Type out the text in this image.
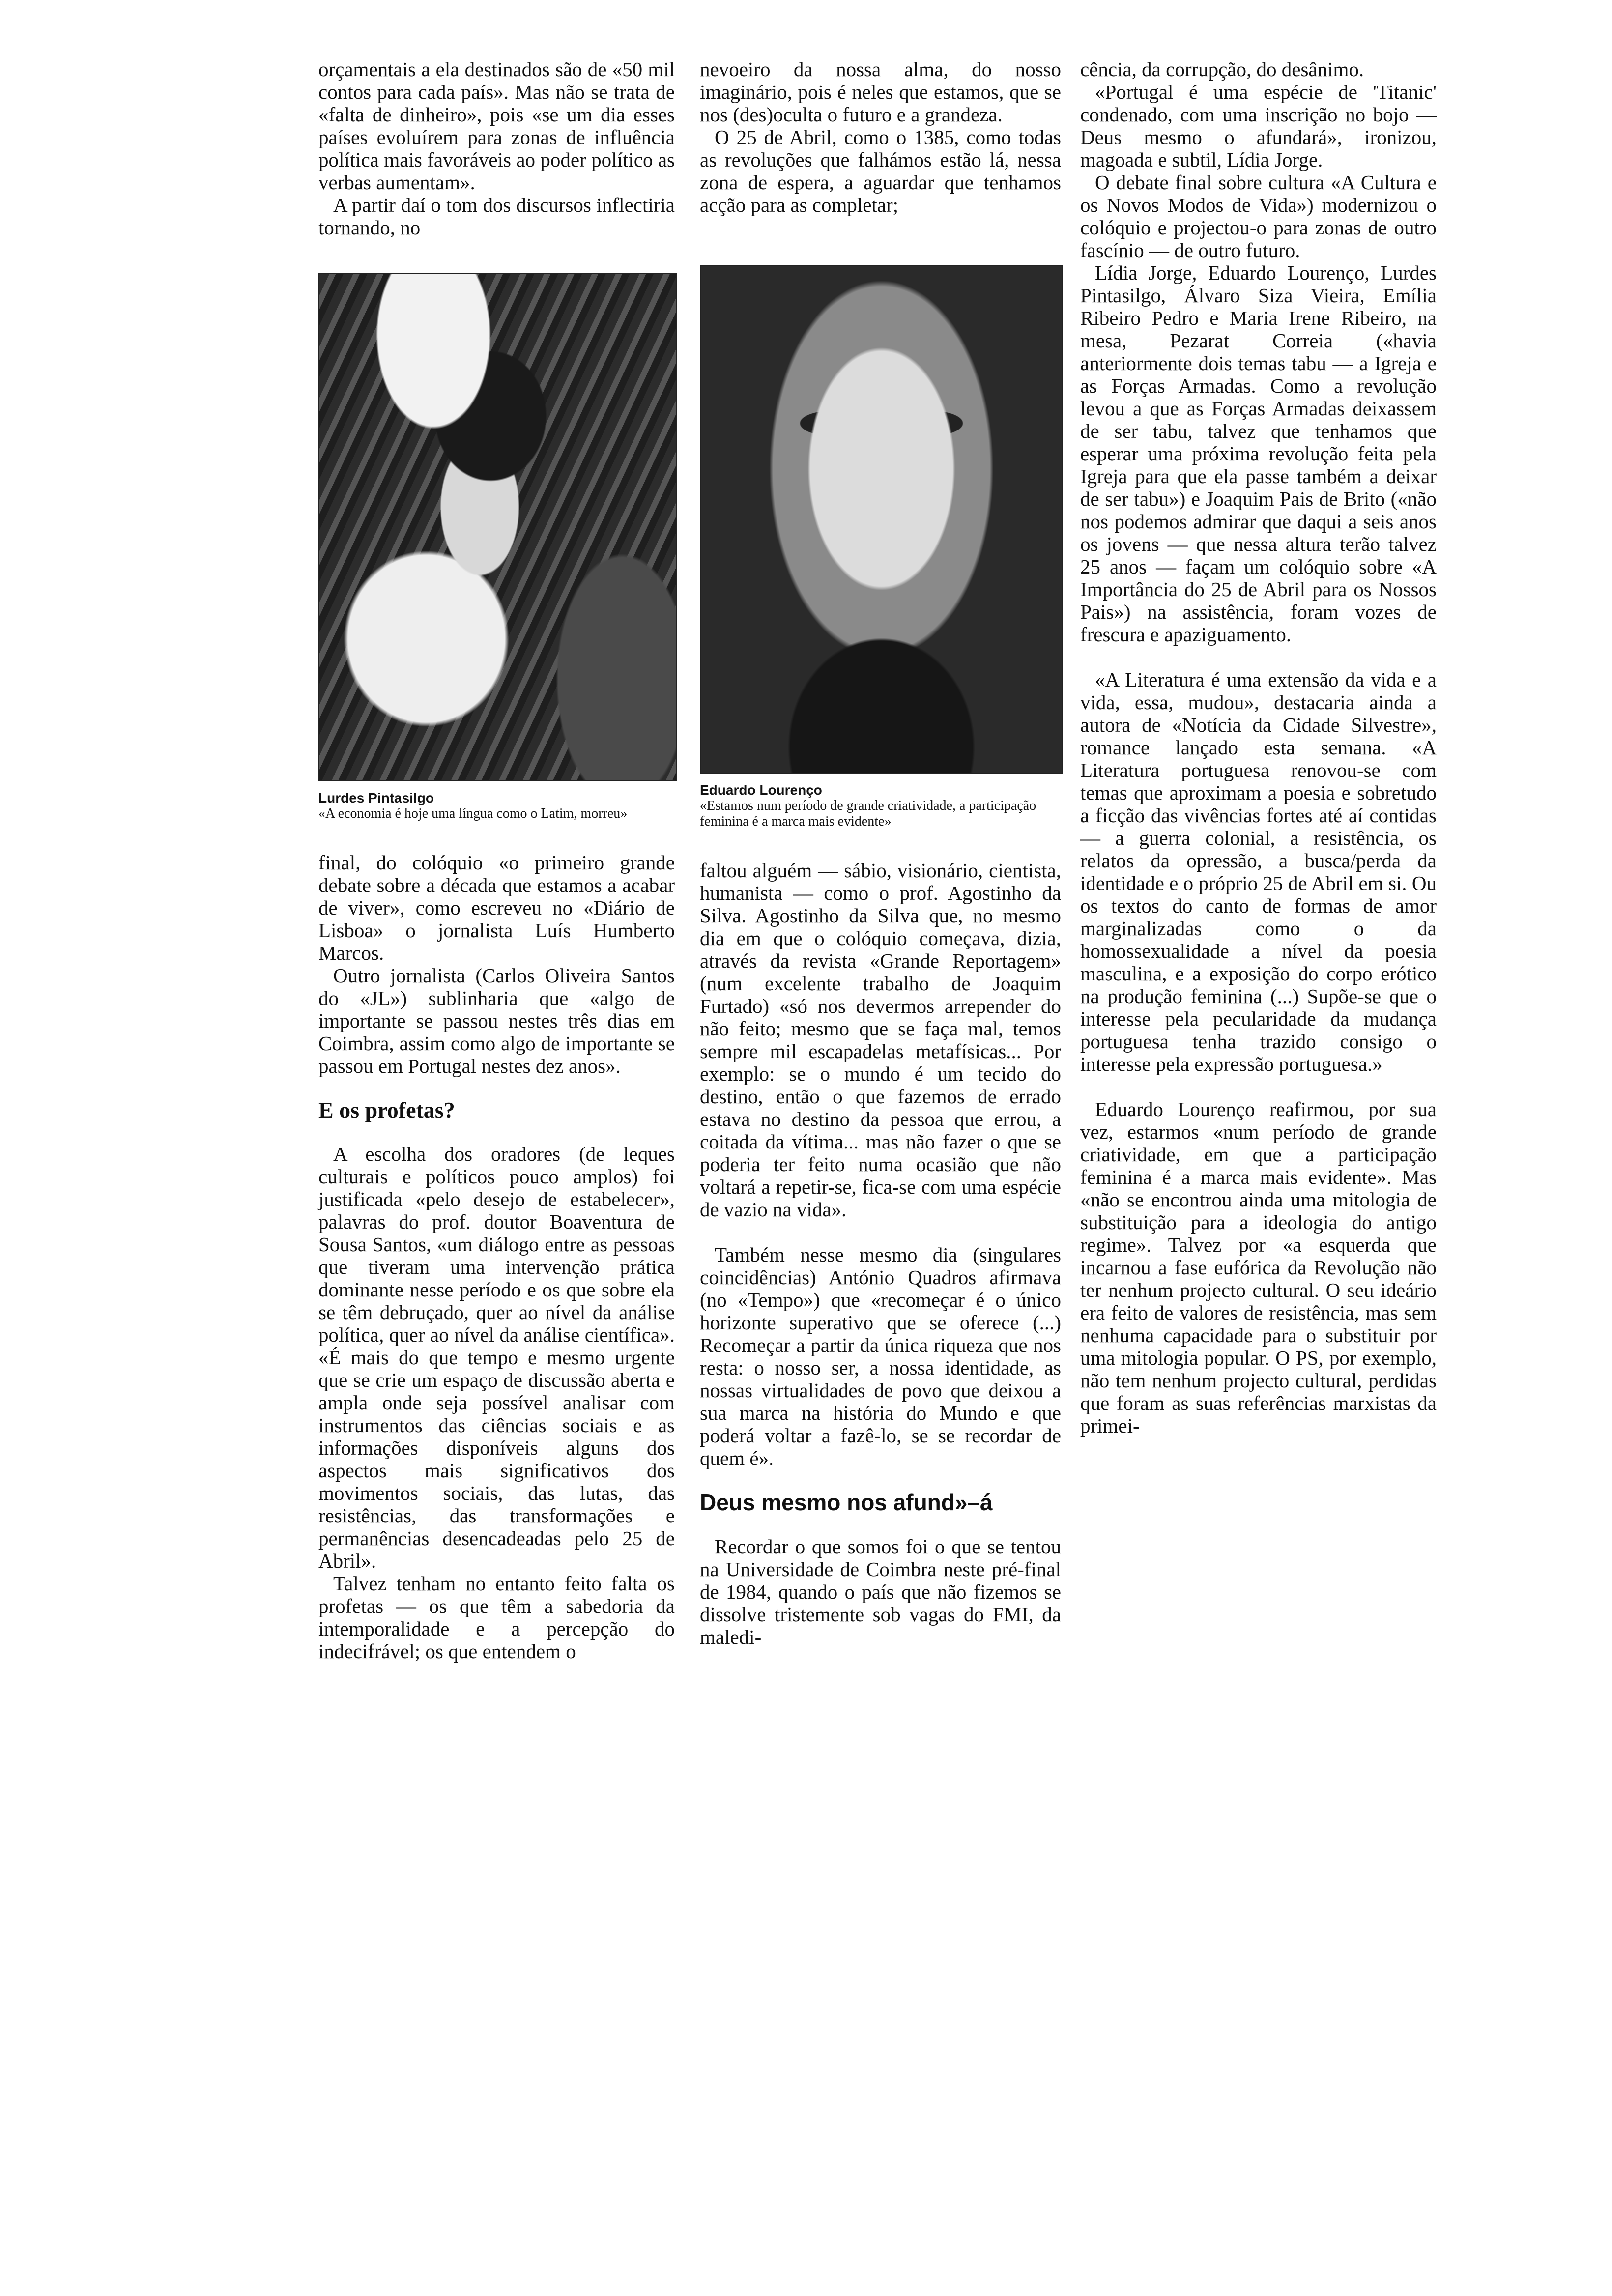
orçamentais a ela destinados são de «50 mil contos para cada país». Mas não se trata de «falta de dinheiro», pois «se um dia esses países evoluírem para zonas de influência política mais favoráveis ao poder político as verbas aumentam».

A partir daí o tom dos discursos inflectiria tornando, no

Lurdes Pintasilgo
«A economia é hoje uma língua como o Latim, morreu»

final, do colóquio «o primeiro grande debate sobre a década que estamos a acabar de viver», como escreveu no «Diário de Lisboa» o jornalista Luís Humberto Marcos.

Outro jornalista (Carlos Oliveira Santos do «JL») sublinharia que «algo de importante se passou nestes três dias em Coimbra, assim como algo de importante se passou em Portugal nestes dez anos».

E os profetas?

A escolha dos oradores (de leques culturais e políticos pouco amplos) foi justificada «pelo desejo de estabelecer», palavras do prof. doutor Boaventura de Sousa Santos, «um diálogo entre as pessoas que tiveram uma intervenção prática dominante nesse período e os que sobre ela se têm debruçado, quer ao nível da análise política, quer ao nível da análise científica». «É mais do que tempo e mesmo urgente que se crie um espaço de discussão aberta e ampla onde seja possível analisar com instrumentos das ciências sociais e as informações disponíveis alguns dos aspectos mais significativos dos movimentos sociais, das lutas, das resistências, das transformações e permanências desencadeadas pelo 25 de Abril».

Talvez tenham no entanto feito falta os profetas — os que têm a sabedoria da intemporalidade e a percepção do indecifrável; os que entendem o

nevoeiro da nossa alma, do nosso imaginário, pois é neles que estamos, que se nos (des)oculta o futuro e a grandeza.

O 25 de Abril, como o 1385, como todas as revoluções que falhámos estão lá, nessa zona de espera, a aguardar que tenhamos acção para as completar;

Eduardo Lourenço
«Estamos num período de grande criatividade, a participação feminina é a marca mais evidente»

faltou alguém — sábio, visionário, cientista, humanista — como o prof. Agostinho da Silva. Agostinho da Silva que, no mesmo dia em que o colóquio começava, dizia, através da revista «Grande Reportagem» (num excelente trabalho de Joaquim Furtado) «só nos devermos arrepender do não feito; mesmo que se faça mal, temos sempre mil escapadelas metafísicas... Por exemplo: se o mundo é um tecido do destino, então o que fazemos de errado estava no destino da pessoa que errou, a coitada da vítima... mas não fazer o que se poderia ter feito numa ocasião que não voltará a repetir-se, fica-se com uma espécie de vazio na vida».

Também nesse mesmo dia (singulares coincidências) António Quadros afirmava (no «Tempo») que «recomeçar é o único horizonte superativo que se oferece (...) Recomeçar a partir da única riqueza que nos resta: o nosso ser, a nossa identidade, as nossas virtualidades de povo que deixou a sua marca na história do Mundo e que poderá voltar a fazê-lo, se se recordar de quem é».

Deus mesmo nos afund»–á

Recordar o que somos foi o que se tentou na Universidade de Coimbra neste pré-final de 1984, quando o país que não fizemos se dissolve tristemente sob vagas do FMI, da maledi-

cência, da corrupção, do desânimo.

«Portugal é uma espécie de 'Titanic' condenado, com uma inscrição no bojo — Deus mesmo o afundará», ironizou, magoada e subtil, Lídia Jorge.

O debate final sobre cultura «A Cultura e os Novos Modos de Vida») modernizou o colóquio e projectou-o para zonas de outro fascínio — de outro futuro.

Lídia Jorge, Eduardo Lourenço, Lurdes Pintasilgo, Álvaro Siza Vieira, Emília Ribeiro Pedro e Maria Irene Ribeiro, na mesa, Pezarat Correia («havia anteriormente dois temas tabu — a Igreja e as Forças Armadas. Como a revolução levou a que as Forças Armadas deixassem de ser tabu, talvez que tenhamos que esperar uma próxima revolução feita pela Igreja para que ela passe também a deixar de ser tabu») e Joaquim Pais de Brito («não nos podemos admirar que daqui a seis anos os jovens — que nessa altura terão talvez 25 anos — façam um colóquio sobre «A Importância do 25 de Abril para os Nossos Pais») na assistência, foram vozes de frescura e apaziguamento.

«A Literatura é uma extensão da vida e a vida, essa, mudou», destacaria ainda a autora de «Notícia da Cidade Silvestre», romance lançado esta semana. «A Literatura portuguesa renovou-se com temas que aproximam a poesia e sobretudo a ficção das vivências fortes até aí contidas — a guerra colonial, a resistência, os relatos da opressão, a busca/perda da identidade e o próprio 25 de Abril em si. Ou os textos do canto de formas de amor marginalizadas como o da homossexualidade a nível da poesia masculina, e a exposição do corpo erótico na produção feminina (...) Supõe-se que o interesse pela pecularidade da mudança portuguesa tenha trazido consigo o interesse pela expressão portuguesa.»

Eduardo Lourenço reafirmou, por sua vez, estarmos «num período de grande criatividade, em que a participação feminina é a marca mais evidente». Mas «não se encontrou ainda uma mitologia de substituição para a ideologia do antigo regime». Talvez por «a esquerda que incarnou a fase eufórica da Revolução não ter nenhum projecto cultural. O seu ideário era feito de valores de resistência, mas sem nenhuma capacidade para o substituir por uma mitologia popular. O PS, por exemplo, não tem nenhum projecto cultural, perdidas que foram as suas referências marxistas da primei-
